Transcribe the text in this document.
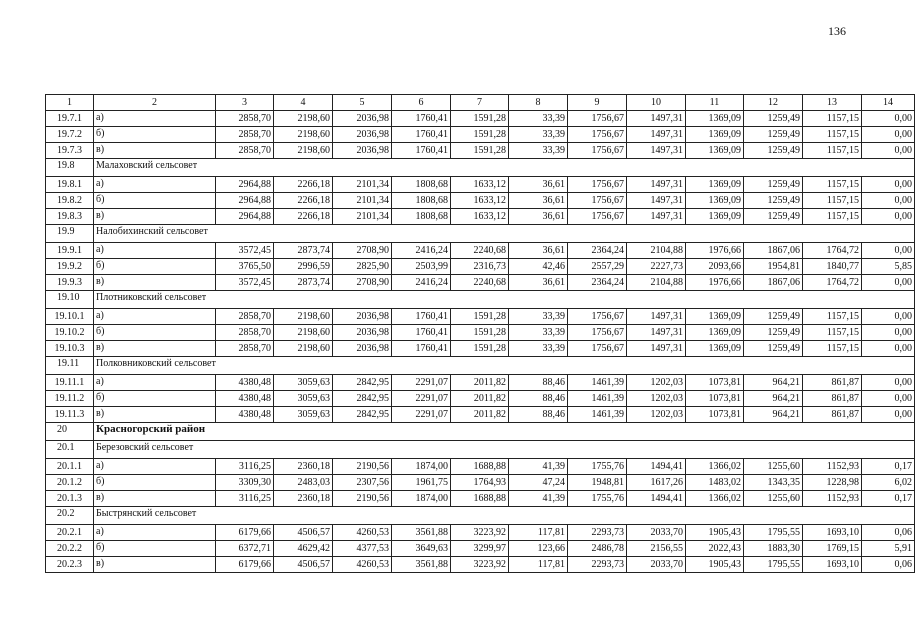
136
1	2	3	4	5	6	7	8	9	10	11	12	13	14
19.7.1	а)	2858,70	2198,60	2036,98	1760,41	1591,28	33,39	1756,67	1497,31	1369,09	1259,49	1157,15	0,00
19.7.2	б)	2858,70	2198,60	2036,98	1760,41	1591,28	33,39	1756,67	1497,31	1369,09	1259,49	1157,15	0,00
19.7.3	в)	2858,70	2198,60	2036,98	1760,41	1591,28	33,39	1756,67	1497,31	1369,09	1259,49	1157,15	0,00
19.8	Малаховский сельсовет												
19.8.1	а)	2964,88	2266,18	2101,34	1808,68	1633,12	36,61	1756,67	1497,31	1369,09	1259,49	1157,15	0,00
19.8.2	б)	2964,88	2266,18	2101,34	1808,68	1633,12	36,61	1756,67	1497,31	1369,09	1259,49	1157,15	0,00
19.8.3	в)	2964,88	2266,18	2101,34	1808,68	1633,12	36,61	1756,67	1497,31	1369,09	1259,49	1157,15	0,00
19.9	Налобихинский сельсовет												
19.9.1	а)	3572,45	2873,74	2708,90	2416,24	2240,68	36,61	2364,24	2104,88	1976,66	1867,06	1764,72	0,00
19.9.2	б)	3765,50	2996,59	2825,90	2503,99	2316,73	42,46	2557,29	2227,73	2093,66	1954,81	1840,77	5,85
19.9.3	в)	3572,45	2873,74	2708,90	2416,24	2240,68	36,61	2364,24	2104,88	1976,66	1867,06	1764,72	0,00
19.10	Плотниковский сельсовет												
19.10.1	а)	2858,70	2198,60	2036,98	1760,41	1591,28	33,39	1756,67	1497,31	1369,09	1259,49	1157,15	0,00
19.10.2	б)	2858,70	2198,60	2036,98	1760,41	1591,28	33,39	1756,67	1497,31	1369,09	1259,49	1157,15	0,00
19.10.3	в)	2858,70	2198,60	2036,98	1760,41	1591,28	33,39	1756,67	1497,31	1369,09	1259,49	1157,15	0,00
19.11	Полковниковский сельсовет												
19.11.1	а)	4380,48	3059,63	2842,95	2291,07	2011,82	88,46	1461,39	1202,03	1073,81	964,21	861,87	0,00
19.11.2	б)	4380,48	3059,63	2842,95	2291,07	2011,82	88,46	1461,39	1202,03	1073,81	964,21	861,87	0,00
19.11.3	в)	4380,48	3059,63	2842,95	2291,07	2011,82	88,46	1461,39	1202,03	1073,81	964,21	861,87	0,00
20	Красногорский район												
20.1	Березовский сельсовет												
20.1.1	а)	3116,25	2360,18	2190,56	1874,00	1688,88	41,39	1755,76	1494,41	1366,02	1255,60	1152,93	0,17
20.1.2	б)	3309,30	2483,03	2307,56	1961,75	1764,93	47,24	1948,81	1617,26	1483,02	1343,35	1228,98	6,02
20.1.3	в)	3116,25	2360,18	2190,56	1874,00	1688,88	41,39	1755,76	1494,41	1366,02	1255,60	1152,93	0,17
20.2	Быстрянский сельсовет												
20.2.1	а)	6179,66	4506,57	4260,53	3561,88	3223,92	117,81	2293,73	2033,70	1905,43	1795,55	1693,10	0,06
20.2.2	б)	6372,71	4629,42	4377,53	3649,63	3299,97	123,66	2486,78	2156,55	2022,43	1883,30	1769,15	5,91
20.2.3	в)	6179,66	4506,57	4260,53	3561,88	3223,92	117,81	2293,73	2033,70	1905,43	1795,55	1693,10	0,06
